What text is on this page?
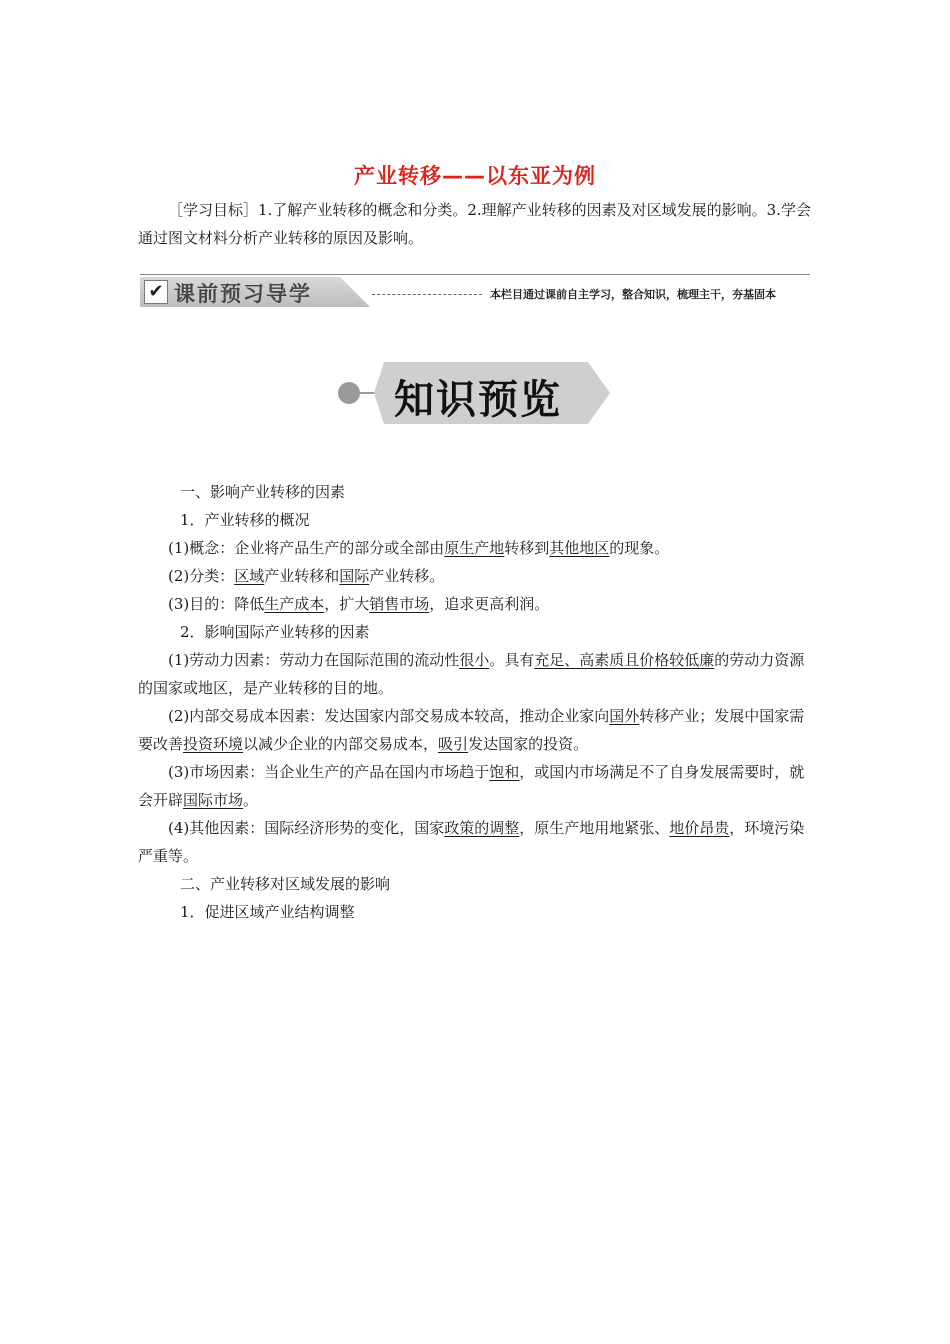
产业转移——以东亚为例
［学习目标］1.了解产业转移的概念和分类。2.理解产业转移的因素及对区域发展的影响。3.学会通过图文材料分析产业转移的原因及影响。
✔ 课前预习导学	本栏目通过课前自主学习，整合知识，梳理主干，夯基固本
知识预览
一、影响产业转移的因素
1．产业转移的概况
(1)概念：企业将产品生产的部分或全部由原生产地转移到其他地区的现象。
(2)分类：区域产业转移和国际产业转移。
(3)目的：降低生产成本，扩大销售市场，追求更高利润。
2．影响国际产业转移的因素
(1)劳动力因素：劳动力在国际范围的流动性很小。具有充足、高素质且价格较低廉的劳动力资源的国家或地区，是产业转移的目的地。
(2)内部交易成本因素：发达国家内部交易成本较高，推动企业家向国外转移产业；发展中国家需要改善投资环境以减少企业的内部交易成本，吸引发达国家的投资。
(3)市场因素：当企业生产的产品在国内市场趋于饱和，或国内市场满足不了自身发展需要时，就会开辟国际市场。
(4)其他因素：国际经济形势的变化，国家政策的调整，原生产地用地紧张、地价昂贵，环境污染严重等。
二、产业转移对区域发展的影响
1．促进区域产业结构调整
